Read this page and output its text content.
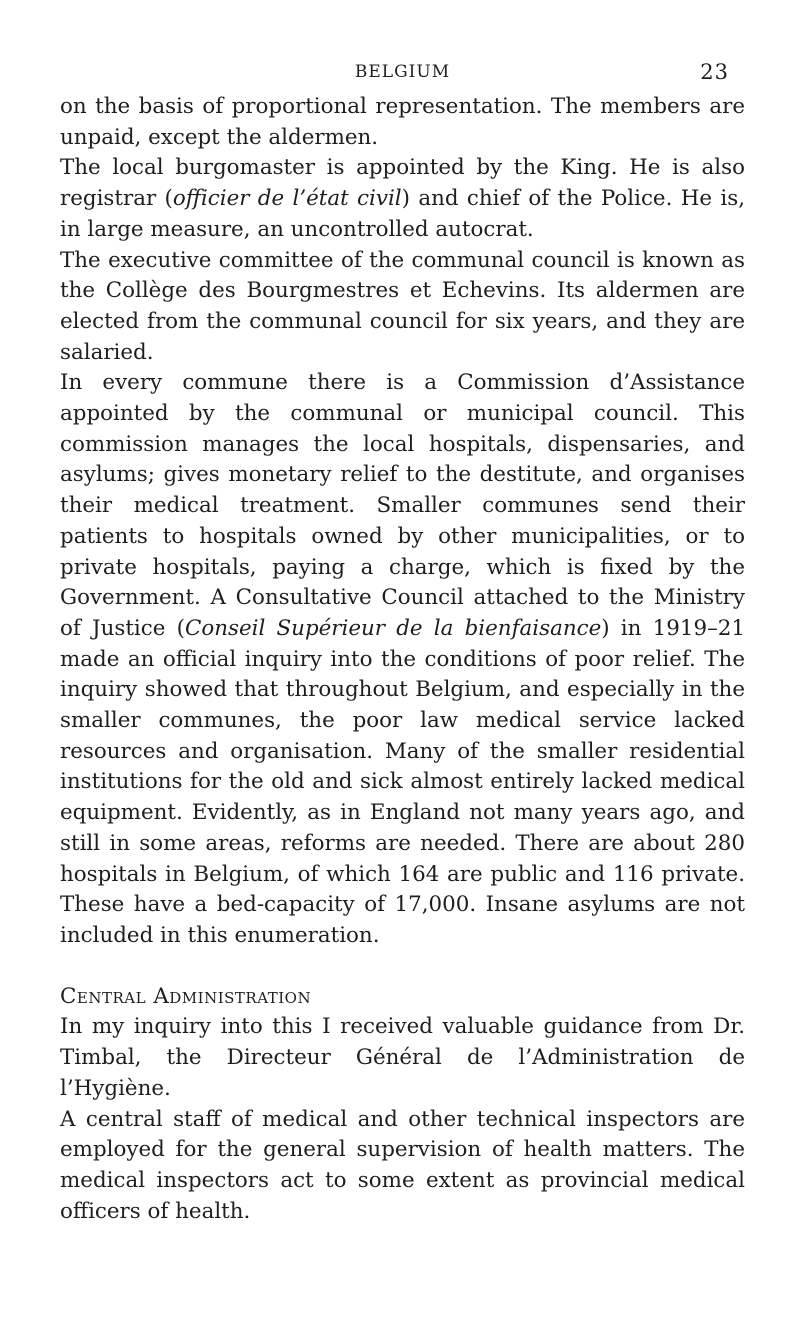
BELGIUM	23

on the basis of proportional representation. The members are unpaid, except the aldermen.

The local burgomaster is appointed by the King. He is also registrar (officier de l’état civil) and chief of the Police. He is, in large measure, an uncontrolled autocrat.

The executive committee of the communal council is known as the Collège des Bourgmestres et Echevins. Its aldermen are elected from the communal council for six years, and they are salaried.

In every commune there is a Commission d’Assistance appointed by the communal or municipal council. This commission manages the local hospitals, dispensaries, and asylums; gives monetary relief to the destitute, and organises their medical treatment. Smaller communes send their patients to hospitals owned by other municipalities, or to private hospitals, paying a charge, which is fixed by the Government. A Consultative Council attached to the Ministry of Justice (Conseil Supérieur de la bienfaisance) in 1919–21 made an official inquiry into the conditions of poor relief. The inquiry showed that throughout Belgium, and especially in the smaller communes, the poor law medical service lacked resources and organisation. Many of the smaller residential institutions for the old and sick almost entirely lacked medical equipment. Evidently, as in England not many years ago, and still in some areas, reforms are needed. There are about 280 hospitals in Belgium, of which 164 are public and 116 private. These have a bed-capacity of 17,000. Insane asylums are not included in this enumeration.

Central Administration

In my inquiry into this I received valuable guidance from Dr. Timbal, the Directeur Général de l’Administration de l’Hygiène.

A central staff of medical and other technical inspectors are employed for the general supervision of health matters. The medical inspectors act to some extent as provincial medical officers of health.
